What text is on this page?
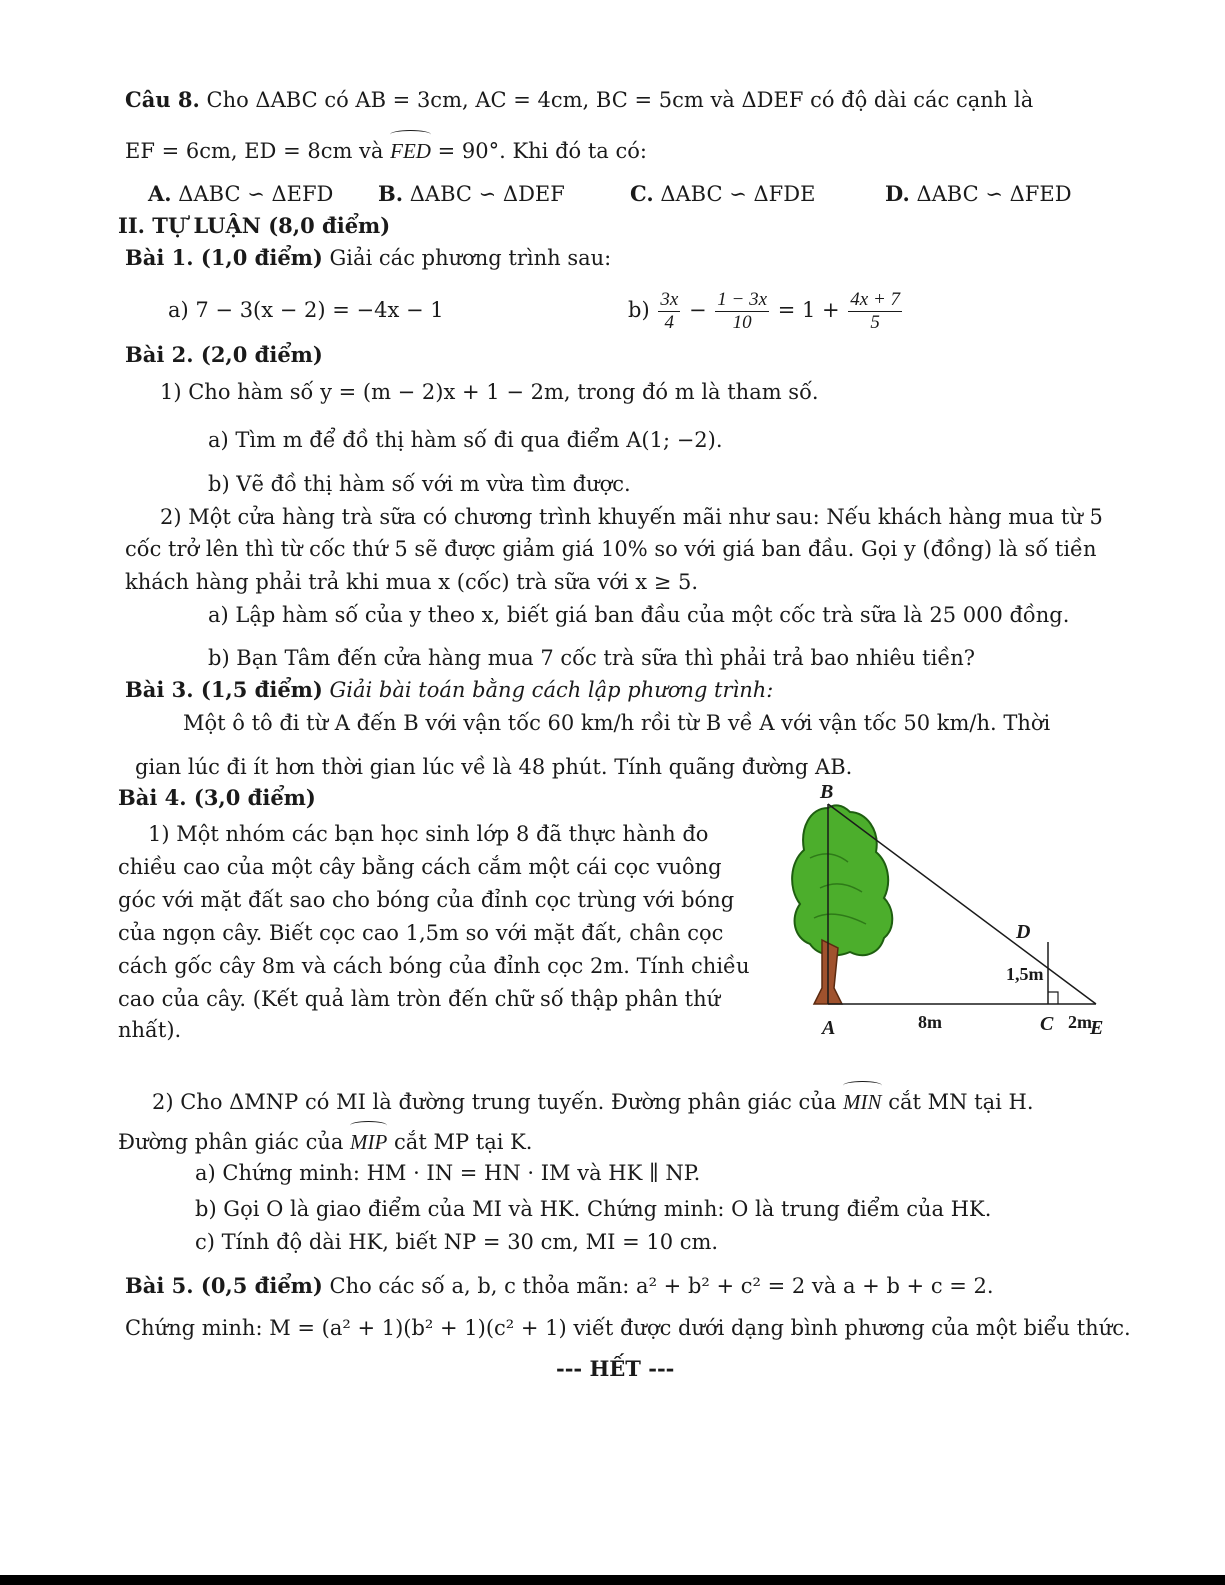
Câu 8. Cho ΔABC có AB = 3cm, AC = 4cm, BC = 5cm và ΔDEF có độ dài các cạnh là
EF = 6cm, ED = 8cm và FED = 90°. Khi đó ta có:
A. ΔABC ∽ ΔEFD B. ΔABC ∽ ΔDEF	C. ΔABC ∽ ΔFDE	D. ΔABC ∽ ΔFED
II. TỰ LUẬN (8,0 điểm)
Bài 1. (1,0 điểm) Giải các phương trình sau:
a) 7 − 3(x − 2) = −4x − 1	$b) \frac{3x}{4} - \frac{1 - 3x}{10} = 1 + \frac{4x + 7}{5}$
Bài 2. (2,0 điểm)
1) Cho hàm số y = (m − 2)x + 1 − 2m, trong đó m là tham số.
a) Tìm m để đồ thị hàm số đi qua điểm A(1; −2).
b) Vẽ đồ thị hàm số với m vừa tìm được.
2) Một cửa hàng trà sữa có chương trình khuyến mãi như sau: Nếu khách hàng mua từ 5
cốc trở lên thì từ cốc thứ 5 sẽ được giảm giá 10% so với giá ban đầu. Gọi y (đồng) là số tiền
khách hàng phải trả khi mua x (cốc) trà sữa với x ≥ 5.
a) Lập hàm số của y theo x, biết giá ban đầu của một cốc trà sữa là 25 000 đồng.
b) Bạn Tâm đến cửa hàng mua 7 cốc trà sữa thì phải trả bao nhiêu tiền?
Bài 3. (1,5 điểm) Giải bài toán bằng cách lập phương trình:
Một ô tô đi từ A đến B với vận tốc 60 km/h rồi từ B về A với vận tốc 50 km/h. Thời
gian lúc đi ít hơn thời gian lúc về là 48 phút. Tính quãng đường AB.
Bài 4. (3,0 điểm)
1) Một nhóm các bạn học sinh lớp 8 đã thực hành đo
chiều cao của một cây bằng cách cắm một cái cọc vuông
góc với mặt đất sao cho bóng của đỉnh cọc trùng với bóng
của ngọn cây. Biết cọc cao 1,5m so với mặt đất, chân cọc
cách gốc cây 8m và cách bóng của đỉnh cọc 2m. Tính chiều
cao của cây. (Kết quả làm tròn đến chữ số thập phân thứ
nhất).
B
D
1,5m
A	8m	C 2m
E
2) Cho ΔMNP có MI là đường trung tuyến. Đường phân giác của MIN cắt MN tại H.
Đường phân giác của MIP cắt MP tại K.
a) Chứng minh: HM · IN = HN · IM và HK ∥ NP.
b) Gọi O là giao điểm của MI và HK. Chứng minh: O là trung điểm của HK.
c) Tính độ dài HK, biết NP = 30 cm, MI = 10 cm.
Bài 5. (0,5 điểm) Cho các số a, b, c thỏa mãn: a² + b² + c² = 2 và a + b + c = 2.
Chứng minh: M = (a² + 1)(b² + 1)(c² + 1) viết được dưới dạng bình phương của một biểu thức.
--- HẾT ---
